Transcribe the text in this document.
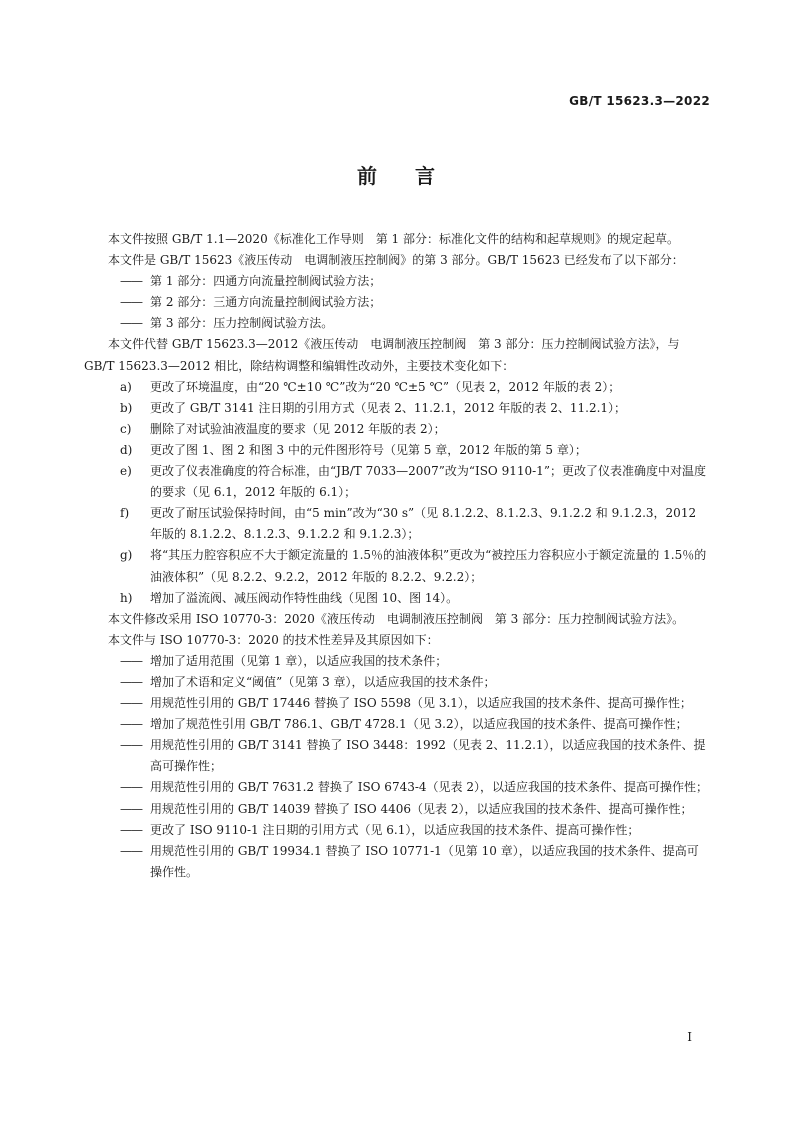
GB/T 15623.3—2022
前 言

本文件按照 GB/T 1.1—2020《标准化工作导则　第 1 部分：标准化文件的结构和起草规则》的规定起草。

本文件是 GB/T 15623《液压传动　电调制液压控制阀》的第 3 部分。GB/T 15623 已经发布了以下部分：

—— 第 1 部分：四通方向流量控制阀试验方法；
—— 第 2 部分：三通方向流量控制阀试验方法；
—— 第 3 部分：压力控制阀试验方法。

本文件代替 GB/T 15623.3—2012《液压传动　电调制液压控制阀　第 3 部分：压力控制阀试验方法》，与 GB/T 15623.3—2012 相比，除结构调整和编辑性改动外，主要技术变化如下：

a)	更改了环境温度，由“20 ℃±10 ℃”改为“20 ℃±5 ℃”（见表 2，2012 年版的表 2）；
b)	更改了 GB/T 3141 注日期的引用方式（见表 2、11.2.1，2012 年版的表 2、11.2.1）；
c)	删除了对试验油液温度的要求（见 2012 年版的表 2）；
d)	更改了图 1、图 2 和图 3 中的元件图形符号（见第 5 章，2012 年版的第 5 章）；
e)	更改了仪表准确度的符合标准，由“JB/T 7033—2007”改为“ISO 9110-1”；更改了仪表准确度中对温度的要求（见 6.1，2012 年版的 6.1）；
f)	更改了耐压试验保持时间，由“5 min”改为“30 s”（见 8.1.2.2、8.1.2.3、9.1.2.2 和 9.1.2.3，2012 年版的 8.1.2.2、8.1.2.3、9.1.2.2 和 9.1.2.3）；
g)	将“其压力腔容积应不大于额定流量的 1.5％的油液体积”更改为“被控压力容积应小于额定流量的 1.5％的油液体积”（见 8.2.2、9.2.2，2012 年版的 8.2.2、9.2.2）；
h)	增加了溢流阀、减压阀动作特性曲线（见图 10、图 14）。

本文件修改采用 ISO 10770-3：2020《液压传动　电调制液压控制阀　第 3 部分：压力控制阀试验方法》。

本文件与 ISO 10770-3：2020 的技术性差异及其原因如下：

—— 增加了适用范围（见第 1 章），以适应我国的技术条件；
—— 增加了术语和定义“阈值”（见第 3 章），以适应我国的技术条件；
—— 用规范性引用的 GB/T 17446 替换了 ISO 5598（见 3.1），以适应我国的技术条件、提高可操作性；
—— 增加了规范性引用 GB/T 786.1、GB/T 4728.1（见 3.2），以适应我国的技术条件、提高可操作性；
—— 用规范性引用的 GB/T 3141 替换了 ISO 3448：1992（见表 2、11.2.1），以适应我国的技术条件、提高可操作性；
—— 用规范性引用的 GB/T 7631.2 替换了 ISO 6743-4（见表 2），以适应我国的技术条件、提高可操作性；
—— 用规范性引用的 GB/T 14039 替换了 ISO 4406（见表 2），以适应我国的技术条件、提高可操作性；
—— 更改了 ISO 9110-1 注日期的引用方式（见 6.1），以适应我国的技术条件、提高可操作性；
—— 用规范性引用的 GB/T 19934.1 替换了 ISO 10771-1（见第 10 章），以适应我国的技术条件、提高可操作性。
I
